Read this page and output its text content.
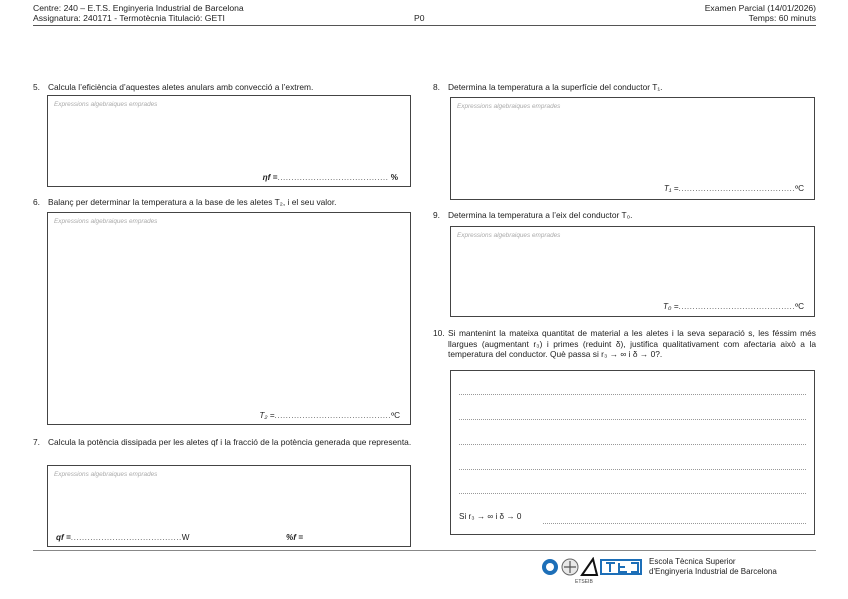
Centre: 240 – E.T.S. Enginyeria Industrial de Barcelona
Assignatura: 240171 - Termotècnia Titulació: GETI	P0
Examen Parcial (14/01/2026)
Temps: 60 minuts
5. Calcula l’eficiència d’aquestes aletes anulars amb convecció a l’extrem.
Expressions algebraiques emprades
ηf =........................................ %
6. Balanç per determinar la temperatura a la base de les aletes T₂, i el seu valor.
Expressions algebraiques emprades
T₂ =..........................................ºC
7. Calcula la potència dissipada per les aletes qf i la fracció de la potència generada que representa.
Expressions algebraiques emprades
qf =........................................W	%f =
8. Determina la temperatura a la superfície del conductor T₁.
Expressions algebraiques emprades
T₁ =..........................................ºC
9. Determina la temperatura a l’eix del conductor T₀.
Expressions algebraiques emprades
T₀ =..........................................ºC
10. Si mantenint la mateixa quantitat de material a les aletes i la seva separació s, les féssim més llargues (augmentant r₃) i primes (reduint δ), justifica qualitativament com afectaria això a la temperatura del conductor. Què passa si r₃ → ∞ i δ → 0?.
Si r₃ → ∞ i δ → 0
ETSEIB
Escola Tècnica Superior
d'Enginyeria Industrial de Barcelona
